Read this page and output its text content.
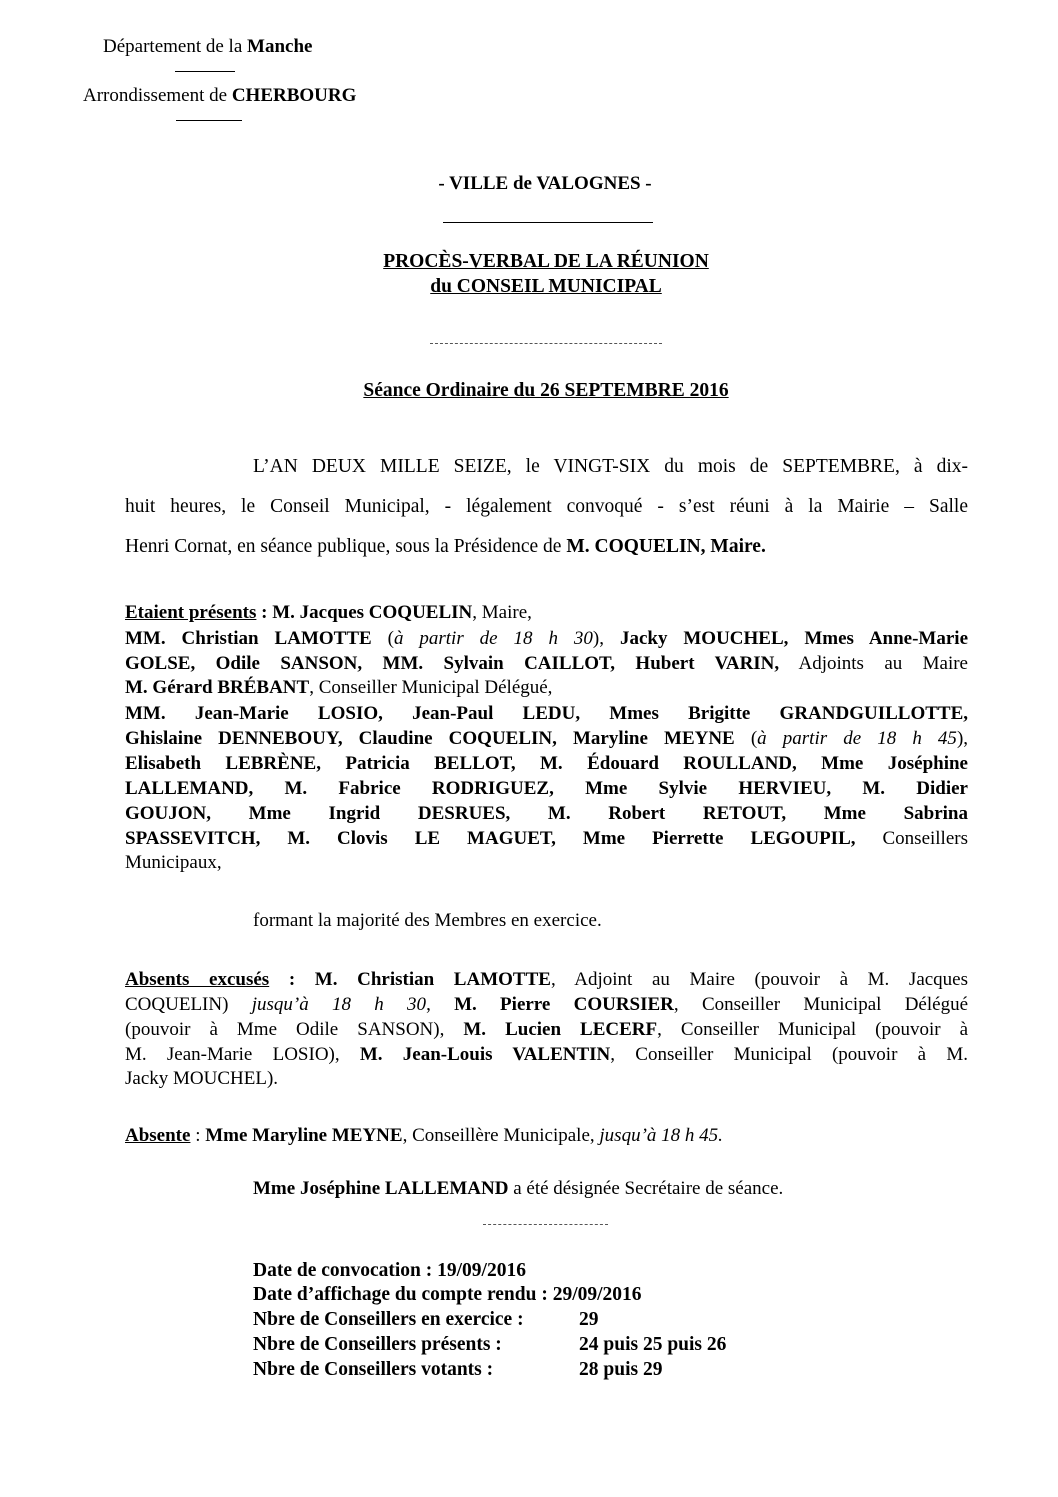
Département de la Manche
Arrondissement de CHERBOURG
- VILLE de VALOGNES -
PROCÈS-VERBAL DE LA RÉUNION
du CONSEIL MUNICIPAL
Séance Ordinaire du 26 SEPTEMBRE 2016
L’AN DEUX MILLE SEIZE, le VINGT-SIX du mois de SEPTEMBRE, à dix-
huit heures, le Conseil Municipal, - légalement convoqué - s’est réuni à la Mairie – Salle
Henri Cornat, en séance publique, sous la Présidence de M. COQUELIN, Maire.
Etaient présents : M. Jacques COQUELIN, Maire,
MM. Christian LAMOTTE (à partir de 18 h 30), Jacky MOUCHEL, Mmes Anne-Marie
GOLSE, Odile SANSON, MM. Sylvain CAILLOT, Hubert VARIN, Adjoints au Maire
M. Gérard BRÉBANT, Conseiller Municipal Délégué,
MM. Jean-Marie LOSIO, Jean-Paul LEDU, Mmes Brigitte GRANDGUILLOTTE,
Ghislaine DENNEBOUY, Claudine COQUELIN, Maryline MEYNE (à partir de 18 h 45),
Elisabeth LEBRÈNE, Patricia BELLOT, M. Édouard ROULLAND, Mme Joséphine
LALLEMAND, M. Fabrice RODRIGUEZ, Mme Sylvie HERVIEU, M. Didier
GOUJON, Mme Ingrid DESRUES, M. Robert RETOUT, Mme Sabrina
SPASSEVITCH, M. Clovis LE MAGUET, Mme Pierrette LEGOUPIL, Conseillers
Municipaux,
formant la majorité des Membres en exercice.
Absents excusés : M. Christian LAMOTTE, Adjoint au Maire (pouvoir à M. Jacques
COQUELIN) jusqu’à 18 h 30, M. Pierre COURSIER, Conseiller Municipal Délégué
(pouvoir à Mme Odile SANSON), M. Lucien LECERF, Conseiller Municipal (pouvoir à
M. Jean-Marie LOSIO), M. Jean-Louis VALENTIN, Conseiller Municipal (pouvoir à M.
Jacky MOUCHEL).
Absente : Mme Maryline MEYNE, Conseillère Municipale, jusqu’à 18 h 45.
Mme Joséphine LALLEMAND a été désignée Secrétaire de séance.
Date de convocation : 19/09/2016
Date d’affichage du compte rendu : 29/09/2016
Nbre de Conseillers en exercice :	29
Nbre de Conseillers présents :	24 puis 25 puis 26
Nbre de Conseillers votants :	28 puis 29
